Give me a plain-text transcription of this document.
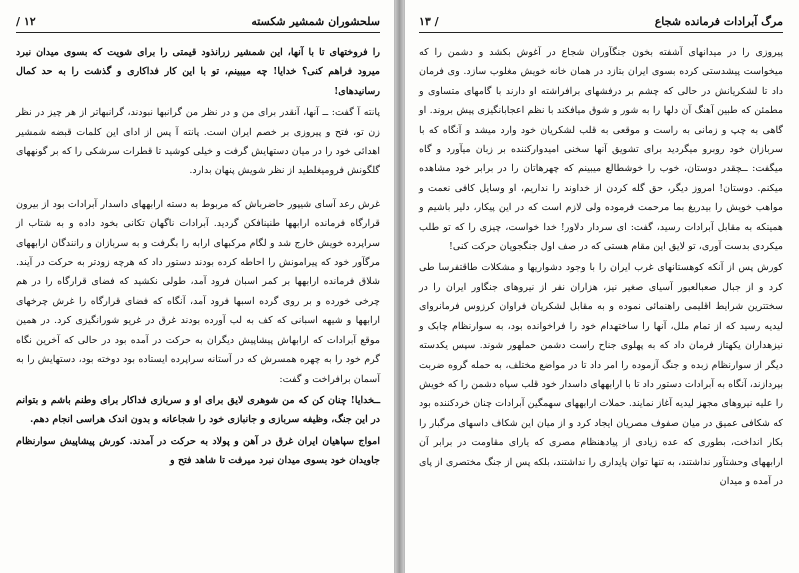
سلحشوران شمشیر شکسته
۱۲ /

را فروختهای تا با آنها، این شمشیر زرانذود قیمتی را برای شویت که بسوی میدان نبرد میرود فراهم کنی؟ خدایا! چه میبینم، تو با این کار فداکاری و گذشت را به حد کمال رسانیدهای!

پانته آ گفت: ــ آنها، آنقدر برای من و در نظر من گرانبها نبودند، گرانبهاتر از هر چیز در نظر زن تو، فتح و پیروزی بر خصم ایران است. پانته آ پس از ادای این کلمات قبضه شمشیر اهدائی خود را در میان دستهایش گرفت و خیلی کوشید تا قطرات سرشکی را که بر گونههای گلگونش فرومیغلطید از نظر شویش پنهان بدارد.

غرش رعد آسای شیپور حاضرباش که مربوط به دسته ارابههای داسدار آبرادات بود از بیرون قرارگاه فرمانده ارابهها طنینافکن گردید. آبرادات ناگهان تکانی بخود داده و به شتاب از سراپرده خویش خارج شد و لگام مرکبهای ارابه را بگرفت و به سربازان و رانندگان ارابههای مرگآور خود که پیرامونش را احاطه کرده بودند دستور داد که هرچه زودتر به حرکت در آیند. شلاق فرمانده ارابهها بر کمر اسبان فرود آمد، طولی نکشید که فضای قرارگاه را در هم چرخی خورده و بر روی گرده اسبها فرود آمد، آنگاه که فضای قرارگاه را غرش چرخهای ارابهها و شیهه اسبانی که کف به لب آورده بودند غرق در غریو شورانگیزی کرد. در همین موقع آبرادات که ارابهاش پیشاپیش دیگران به حرکت در آمده بود در حالی که آخرین نگاه گرم خود را به چهره همسرش که در آستانه سراپرده ایستاده بود دوخته بود، دستهایش را به آسمان برافراخت و گفت:

ــخدایا! چنان کن که من شوهری لایق برای او و سربازی فداکار برای وطنم باشم و بتوانم در این جنگ، وظیفه سربازی و جانبازی خود را شجاعانه و بدون اندک هراسی انجام دهم.

امواج سپاهیان ایران غرق در آهن و پولاد به حرکت در آمدند. کورش پیشاپیش سوارنظام جاویدان خود بسوی میدان نبرد میرفت تا شاهد فتح و

مرگ آبرادات فرمانده شجاع
/ ۱۳

پیروزی را در میدانهای آشفته بخون جنگآوران شجاع در آغوش بکشد و دشمن را که میخواست پیشدستی کرده بسوی ایران بتازد در همان خانه خویش مغلوب سازد. وی فرمان داد تا لشکریانش در حالی که چشم بر درفشهای برافراشته او دارند با گامهای متساوی و مطمئن که طبین آهنگ آن دلها را به شور و شوق میافکند با نظم اعجابانگیزی پیش بروند. او گاهی به چپ و زمانی به راست و موقعی به قلب لشکریان خود وارد میشد و آنگاه که با سربازان خود روبرو میگردید برای تشویق آنها سخنی امیدوارکننده بر زبان میآورد و گاه میگفت: ــچقدر دوستان، خوب را خوشطالع میبینم که چهرهاتان را در برابر خود مشاهده میکنم. دوستان! امروز دیگر، حق گله کردن از خداوند را نداریم، او وسایل کافی نعمت و مواهب خویش را بیدریغ بما مرحمت فرموده ولی لازم است که در این پیکار، دلیر باشیم و همینکه به مقابل آبرادات رسید، گفت: ای سردار دلاور! خدا خواست، چیزی را که تو طلب میکردی بدست آوری، تو لایق این مقام هستی که در صف اول جنگجویان حرکت کنی!

کورش پس از آنکه کوهستانهای غرب ایران را با وجود دشواریها و مشکلات طاقتفرسا طی کرد و از جبال صعبالعبور آسیای صغیر نیز، هزاران نفر از نیروهای جنگاور ایران را در سختترین شرایط اقلیمی راهنمائی نموده و به مقابل لشکریان فراوان کرزوس فرمانروای لیدیه رسید که از تمام ملل، آنها را ساختهدام خود را فراخوانده بود، به سوارنظام چابک و نیزهداران یکهتاز فرمان داد که به پهلوی جناح راست دشمن حملهور شوند. سپس یکدسته دیگر از سوارنظام زبده و جنگ آزموده را امر داد تا در مواضع مختلف، به حمله گروه ضربت بپردازند، آنگاه به آبرادات دستور داد تا با ارابههای داسدار خود قلب سپاه دشمن را که خویش را علیه نیروهای مجهز لیدیه آغاز نمایند. حملات ارابههای سهمگین آبرادات چنان خردکننده بود که شکافی عمیق در میان صفوف مصریان ایجاد کرد و از میان این شکاف داسهای مرگبار را بکار انداخت، بطوری که عده زیادی از پیادهنظام مصری که یارای مقاومت در برابر آن ارابههای وحشتآور نداشتند، به تنها توان پایداری را نداشتند، بلکه پس از جنگ مختصری از پای در آمده و میدان
